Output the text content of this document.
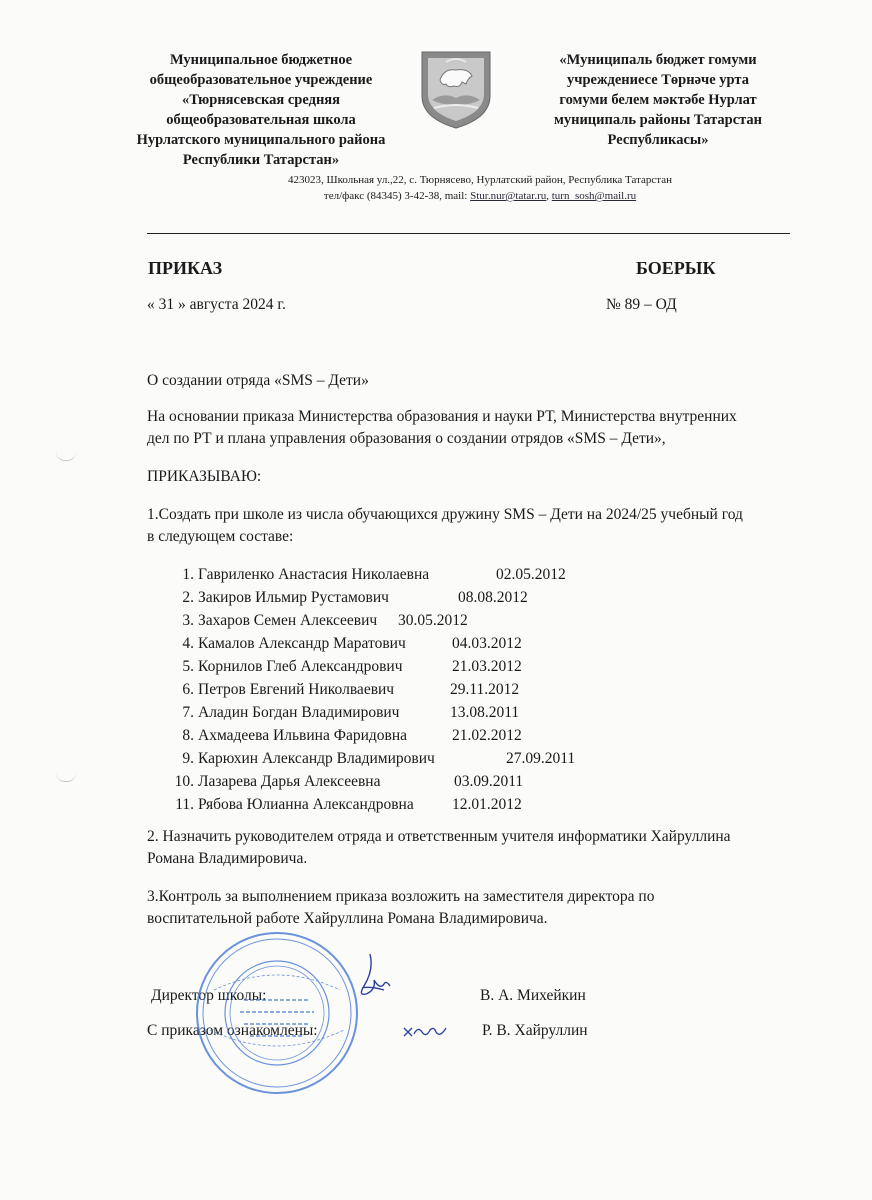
Муниципальное бюджетное
общеобразовательное учреждение
«Тюрнясевская средняя
общеобразовательная школа
Нурлатского муниципального района
Республики Татарстан»
«Муниципаль бюджет гомуми
учреждениесе Төрнәче урта
гомуми белем мәктәбе Нурлат
муниципаль районы Татарстан
Республикасы»
423023, Школьная ул.,22, с. Тюрнясево, Нурлатский район, Республика Татарстан
тел/факс (84345) 3-42-38, mail: Stur.nur@tatar.ru, turn_sosh@mail.ru
ПРИКАЗ	БОЕРЫК
« 31 » августа 2024 г.	№ 89 – ОД
О создании отряда «SMS – Дети»
На основании приказа Министерства образования и науки РТ, Министерства внутренних
дел по РТ и плана управления образования о создании отрядов «SMS – Дети»,
ПРИКАЗЫВАЮ:
1.Создать при школе из числа обучающихся дружину SMS – Дети на 2024/25 учебный год
в следующем составе:
1. Гавриленко Анастасия Николаевна	02.05.2012
2. Закиров Ильмир Рустамович	08.08.2012
3. Захаров Семен Алексеевич 30.05.2012
4. Камалов Александр Маратович	04.03.2012
5. Корнилов Глеб Александрович	21.03.2012
6. Петров Евгений Николваевич	29.11.2012
7. Аладин Богдан Владимирович	13.08.2011
8. Ахмадеева Ильвина Фаридовна	21.02.2012
9. Карюхин Александр Владимирович	27.09.2011
10. Лазарева Дарья Алексеевна	03.09.2011
11. Рябова Юлианна Александровна 12.01.2012
2. Назначить руководителем отряда и ответственным учителя информатики Хайруллина
Романа Владимировича.
3.Контроль за выполнением приказа возложить на заместителя директора по
воспитательной работе Хайруллина Романа Владимировича.
Директор школы:	В. А. Михейкин
С приказом ознакомлены:	Р. В. Хайруллин
